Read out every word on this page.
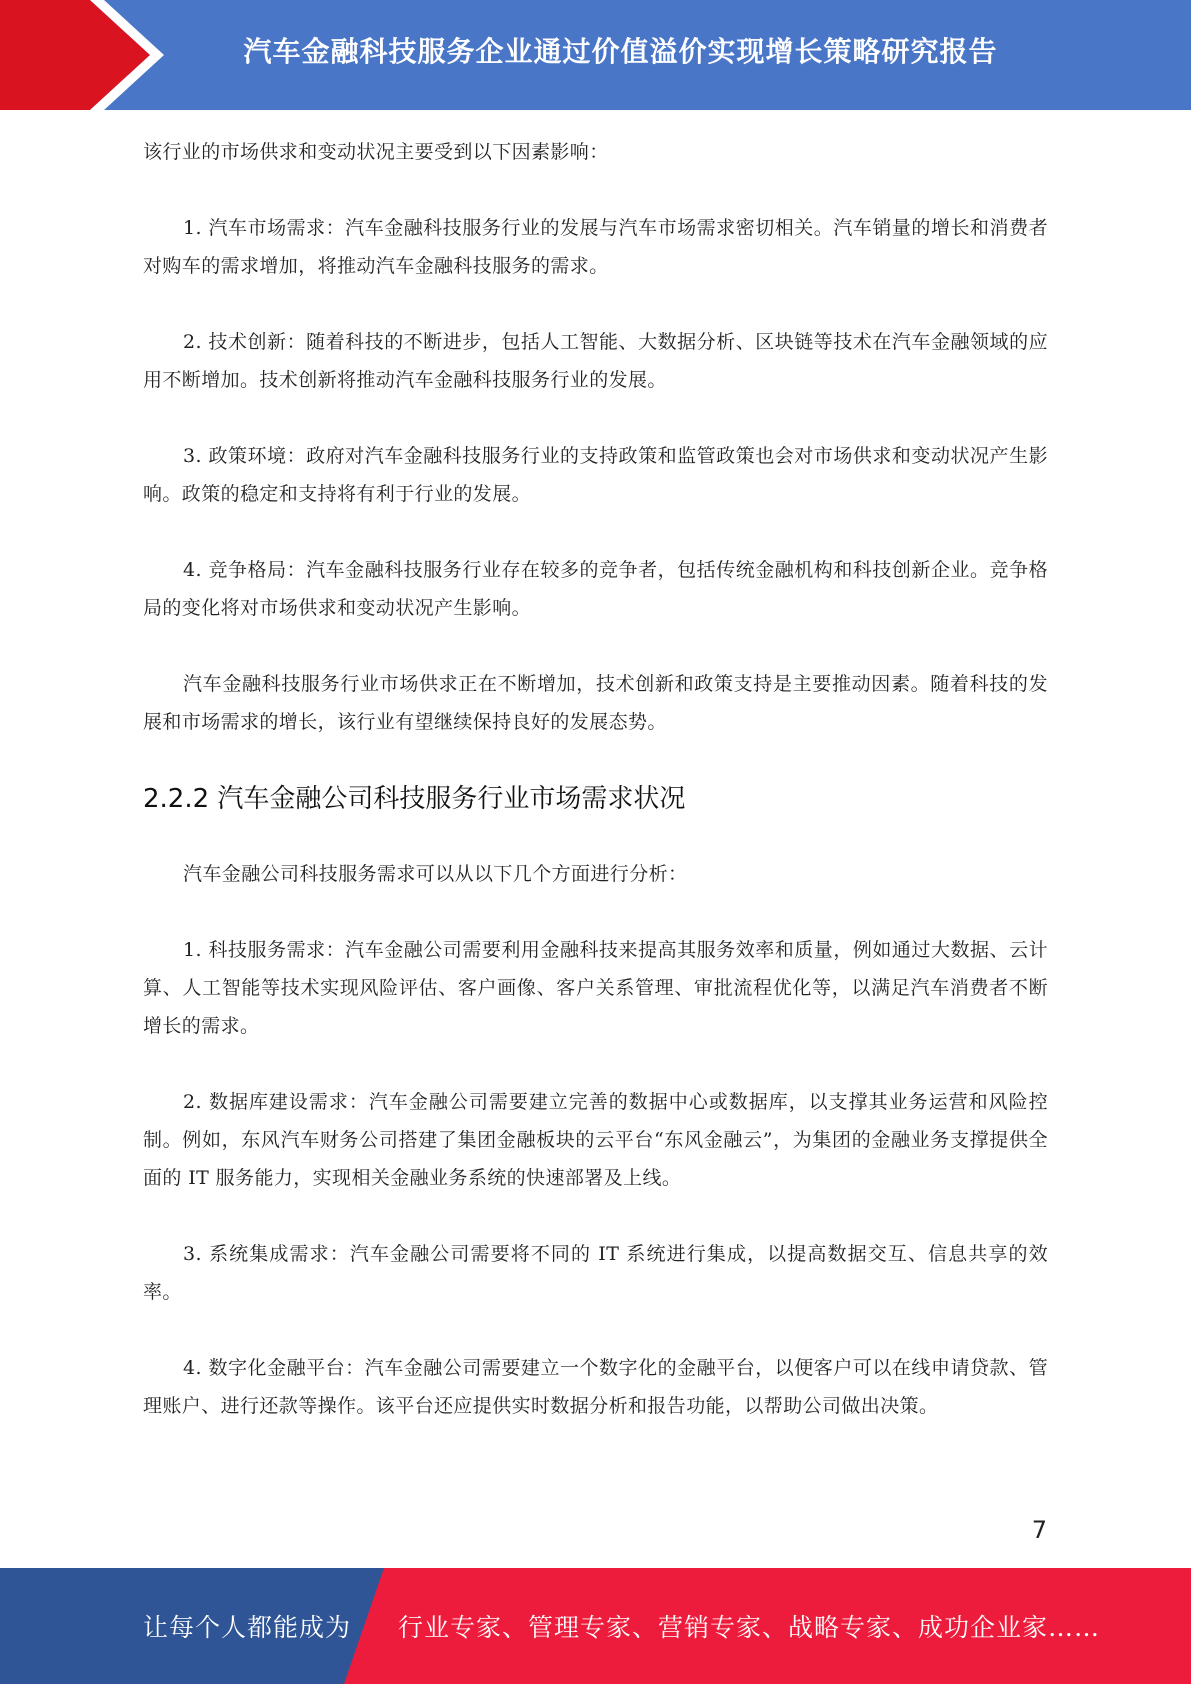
汽车金融科技服务企业通过价值溢价实现增长策略研究报告

该行业的市场供求和变动状况主要受到以下因素影响：

1. 汽车市场需求：汽车金融科技服务行业的发展与汽车市场需求密切相关。汽车销量的增长和消费者对购车的需求增加，将推动汽车金融科技服务的需求。

2. 技术创新：随着科技的不断进步，包括人工智能、大数据分析、区块链等技术在汽车金融领域的应用不断增加。技术创新将推动汽车金融科技服务行业的发展。

3. 政策环境：政府对汽车金融科技服务行业的支持政策和监管政策也会对市场供求和变动状况产生影响。政策的稳定和支持将有利于行业的发展。

4. 竞争格局：汽车金融科技服务行业存在较多的竞争者，包括传统金融机构和科技创新企业。竞争格局的变化将对市场供求和变动状况产生影响。

汽车金融科技服务行业市场供求正在不断增加，技术创新和政策支持是主要推动因素。随着科技的发展和市场需求的增长，该行业有望继续保持良好的发展态势。

2.2.2 汽车金融公司科技服务行业市场需求状况

汽车金融公司科技服务需求可以从以下几个方面进行分析：

1. 科技服务需求：汽车金融公司需要利用金融科技来提高其服务效率和质量，例如通过大数据、云计算、人工智能等技术实现风险评估、客户画像、客户关系管理、审批流程优化等，以满足汽车消费者不断增长的需求。

2. 数据库建设需求：汽车金融公司需要建立完善的数据中心或数据库，以支撑其业务运营和风险控制。例如，东风汽车财务公司搭建了集团金融板块的云平台“东风金融云”，为集团的金融业务支撑提供全面的 IT 服务能力，实现相关金融业务系统的快速部署及上线。

3. 系统集成需求：汽车金融公司需要将不同的 IT 系统进行集成，以提高数据交互、信息共享的效率。

4. 数字化金融平台：汽车金融公司需要建立一个数字化的金融平台，以便客户可以在线申请贷款、管理账户、进行还款等操作。该平台还应提供实时数据分析和报告功能，以帮助公司做出决策。

7
让每个人都能成为 行业专家、管理专家、营销专家、战略专家、成功企业家……
